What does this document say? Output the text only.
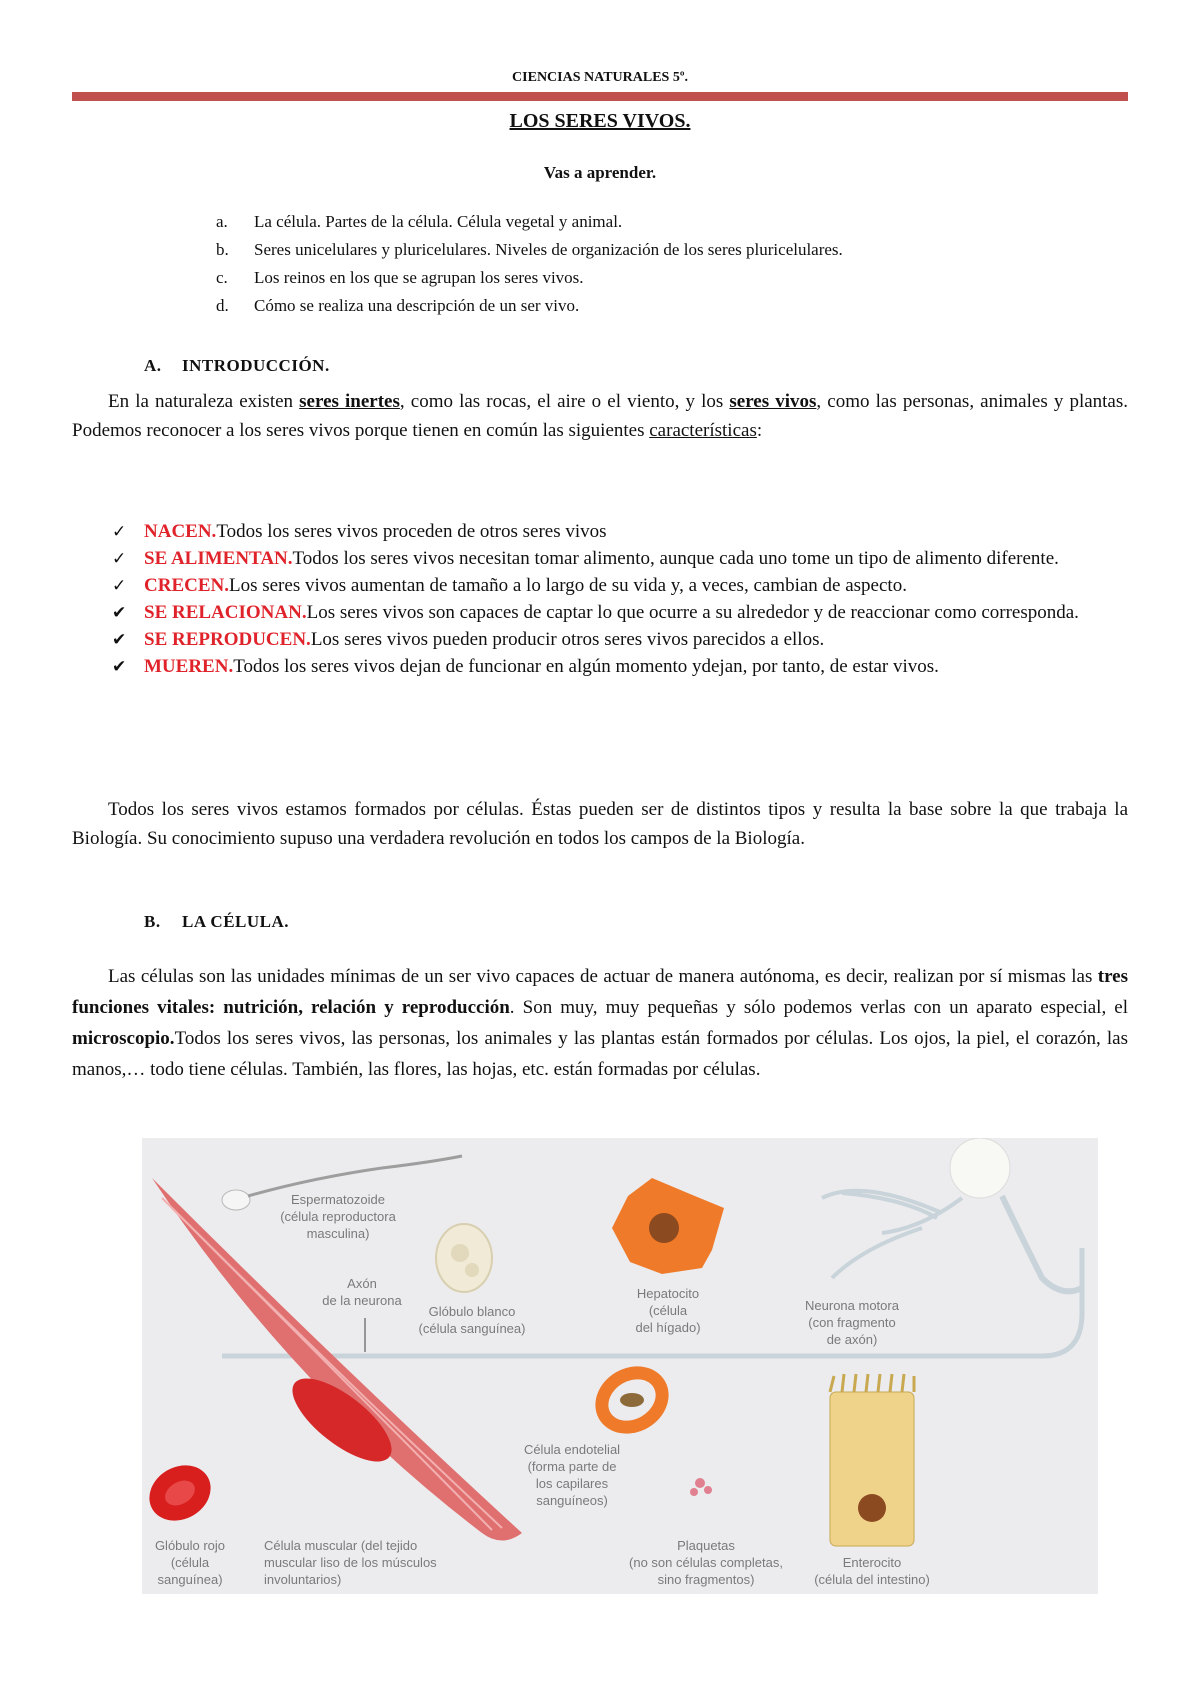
CIENCIAS NATURALES 5º.
LOS SERES VIVOS.
Vas a aprender.
a.	La célula. Partes de la célula. Célula vegetal y animal.
b.	Seres unicelulares y pluricelulares. Niveles de organización de los seres pluricelulares.
c.	Los reinos en los que se agrupan los seres vivos.
d.	Cómo se realiza una descripción de un ser vivo.
A. INTRODUCCIÓN.

En la naturaleza existen seres inertes, como las rocas, el aire o el viento, y los seres vivos, como las personas, animales y plantas. Podemos reconocer a los seres vivos porque tienen en común las siguientes características:

✓ NACEN.Todos los seres vivos proceden de otros seres vivos
✓ SE ALIMENTAN.Todos los seres vivos necesitan tomar alimento, aunque cada uno tome un tipo de alimento diferente.
✓ CRECEN.Los seres vivos aumentan de tamaño a lo largo de su vida y, a veces, cambian de aspecto.
✔ SE RELACIONAN.Los seres vivos son capaces de captar lo que ocurre a su alrededor y de reaccionar como corresponda.
✔ SE REPRODUCEN.Los seres vivos pueden producir otros seres vivos parecidos a ellos.
✔ MUEREN.Todos los seres vivos dejan de funcionar en algún momento ydejan, por tanto, de estar vivos.

Todos los seres vivos estamos formados por células. Éstas pueden ser de distintos tipos y resulta la base sobre la que trabaja la Biología. Su conocimiento supuso una verdadera revolución en todos los campos de la Biología.

B. LA CÉLULA.

Las células son las unidades mínimas de un ser vivo capaces de actuar de manera autónoma, es decir, realizan por sí mismas las tres funciones vitales: nutrición, relación y reproducción. Son muy, muy pequeñas y sólo podemos verlas con un aparato especial, el microscopio.Todos los seres vivos, las personas, los animales y las plantas están formados por células. Los ojos, la piel, el corazón, las manos,… todo tiene células. También, las flores, las hojas, etc. están formadas por células.

Espermatozoide
(célula reproductora
masculina)
Axón
de la neurona
Glóbulo blanco
(célula sanguínea)
Hepatocito
(célula
del hígado)
Neurona motora
(con fragmento
de axón)
Célula endotelial
(forma parte de
los capilares
sanguíneos)
Glóbulo rojo
(célula
sanguínea)
Célula muscular (del tejido
muscular liso de los músculos
involuntarios)
Plaquetas
(no son células completas,
sino fragmentos)
Enterocito
(célula del intestino)
